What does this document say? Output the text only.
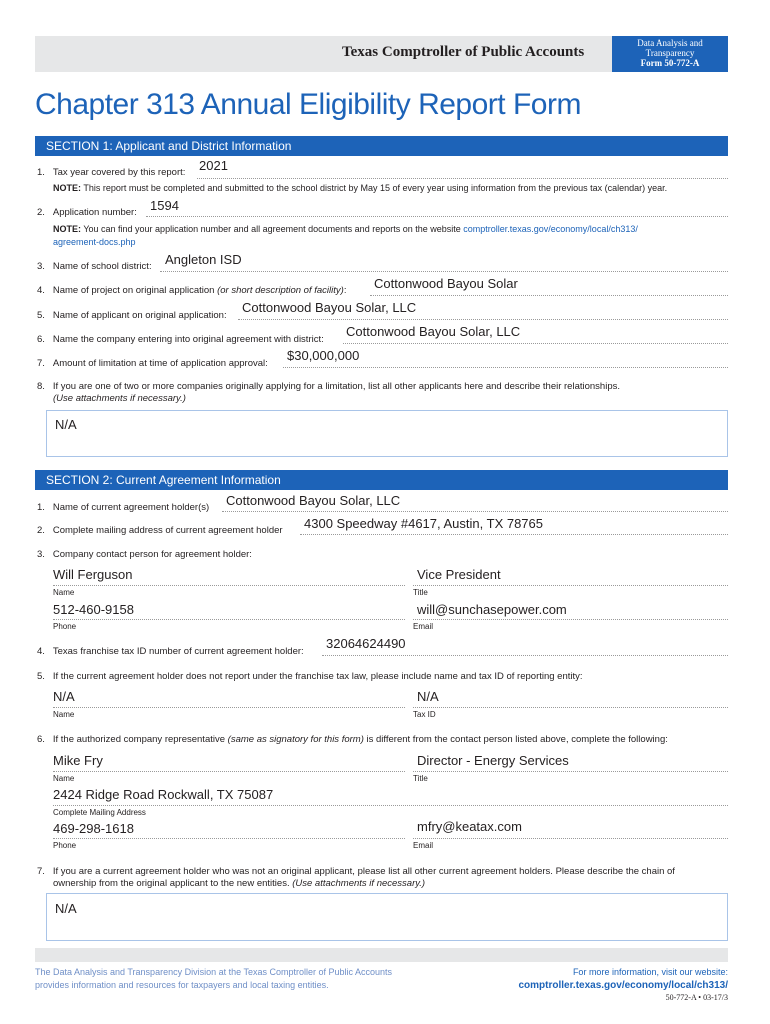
Texas Comptroller of Public Accounts
Data Analysis and
Transparency
Form 50-772-A
Chapter 313 Annual Eligibility Report Form
SECTION 1: Applicant and District Information
1. Tax year covered by this report: 2021
NOTE: This report must be completed and submitted to the school district by May 15 of every year using information from the previous tax (calendar) year.
2. Application number: 1594
NOTE: You can find your application number and all agreement documents and reports on the website comptroller.texas.gov/economy/local/ch313/
agreement-docs.php
3. Name of school district: Angleton ISD
4. Name of project on original application (or short description of facility): Cottonwood Bayou Solar
5. Name of applicant on original application:
Cottonwood Bayou Solar, LLC
6. Name the company entering into original agreement with district:
Cottonwood Bayou Solar, LLC
7. Amount of limitation at time of application approval:
$30,000,000
8. If you are one of two or more companies originally applying for a limitation, list all other applicants here and describe their relationships.
(Use attachments if necessary.)
N/A
SECTION 2: Current Agreement Information
1. Name of current agreement holder(s) Cottonwood Bayou Solar, LLC
2. Complete mailing address of current agreement holder 4300 Speedway #4617, Austin, TX 78765
3. Company contact person for agreement holder:
Will Ferguson
Name
Vice President
Title
512-460-9158
Phone
will@sunchasepower.com
Email
4. Texas franchise tax ID number of current agreement holder:
32064624490
5. If the current agreement holder does not report under the franchise tax law, please include name and tax ID of reporting entity:
N/A
Name
N/A
Tax ID
6. If the authorized company representative (same as signatory for this form) is different from the contact person listed above, complete the following:
Mike Fry
Name
Director - Energy Services
Title
2424 Ridge Road Rockwall, TX 75087
Complete Mailing Address
469-298-1618
Phone
mfry@keatax.com
Email
7. If you are a current agreement holder who was not an original applicant, please list all other current agreement holders. Please describe the chain of
ownership from the original applicant to the new entities. (Use attachments if necessary.)
N/A
The Data Analysis and Transparency Division at the Texas Comptroller of Public Accounts
provides information and resources for taxpayers and local taxing entities.
For more information, visit our website:
comptroller.texas.gov/economy/local/ch313/
50-772-A • 03-17/3
